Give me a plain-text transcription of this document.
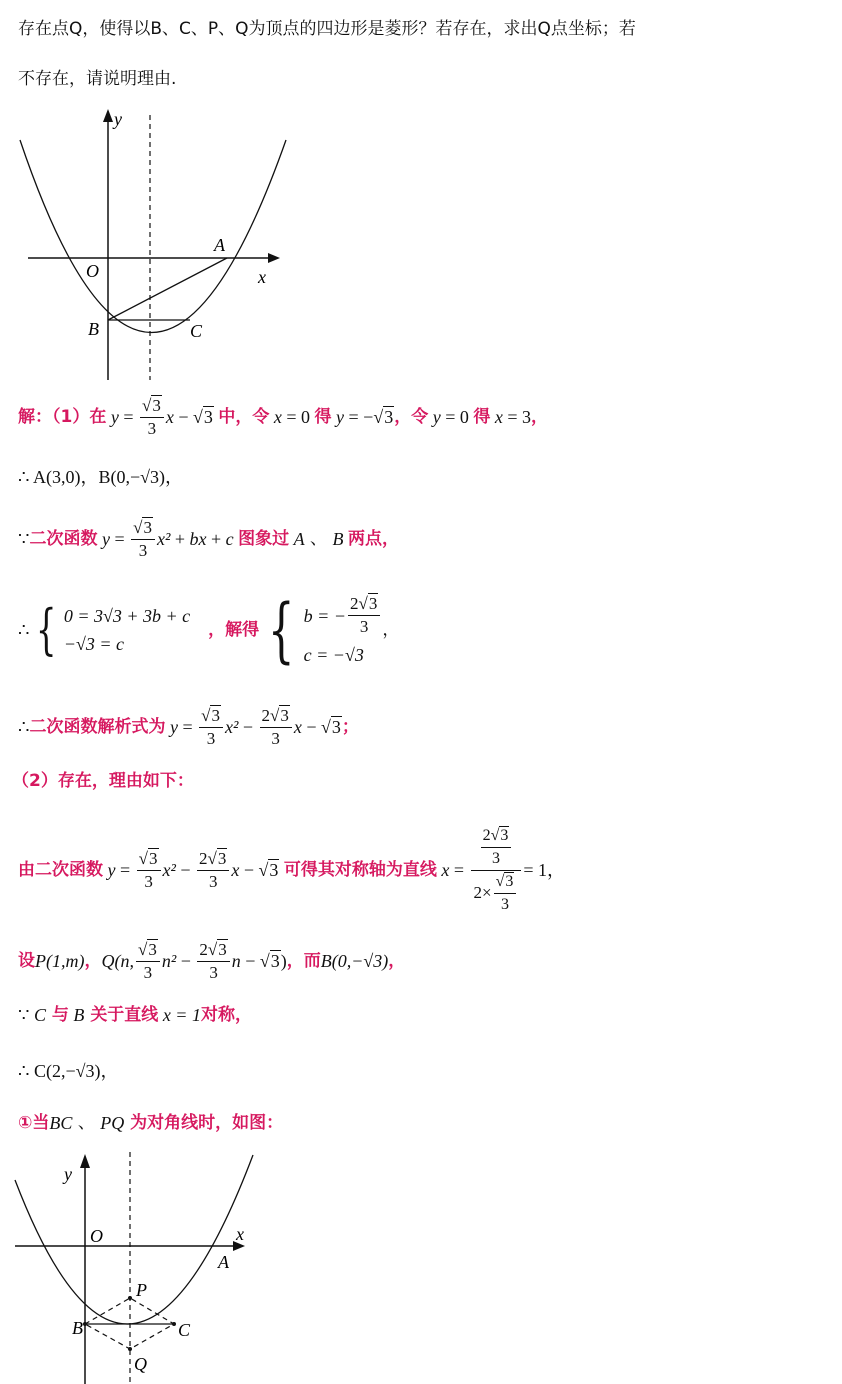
存在点Q，使得以B、C、P、Q为顶点的四边形是菱形？若存在，求出Q点坐标；若
不存在，请说明理由.
y
x
O
A
B	C
解：（1）在 $y = \frac{√3}{3}$ x − √3 中，令 x = 0 得 y = −√3 ，令 y = 0 得 x = 3 ，
∴ A(3,0)，B(0,−√3)，
∵ 二次函数 $y = \frac{√3}{3} x^2$ + bx + c 图象过 A 、 B 两点，
∴ { 0 = 3√3 + 3b + c
−√3 = c
，解得 { b = − $\frac{2√3}{3}$
c = −√3
，
∴ 二次函数解析式为 $y = \frac{√3}{3} x^2 - \frac{2√3}{3}$ x − √3 ；
（2）存在，理由如下：
由二次函数 $y = \frac{√3}{3} x^2 - \frac{2√3}{3}$ x − √3 可得其对称轴为直线 $x = \frac{\frac{2√3}{3}}{2\times \frac{√3}{3}} = 1$，
设 P(1,m) ， Q(n, $\frac{√3}{3} n^2 - \frac{2√3}{3}$ n − √3) ，而 B(0,−√3) ，
∵
C
与
B
关于直线
x = 1 对称，
∴ C(2,−√3)，
①当 BC
、
PQ
为对角线时，如图：
y
x
O
A
P
B	C
Q
